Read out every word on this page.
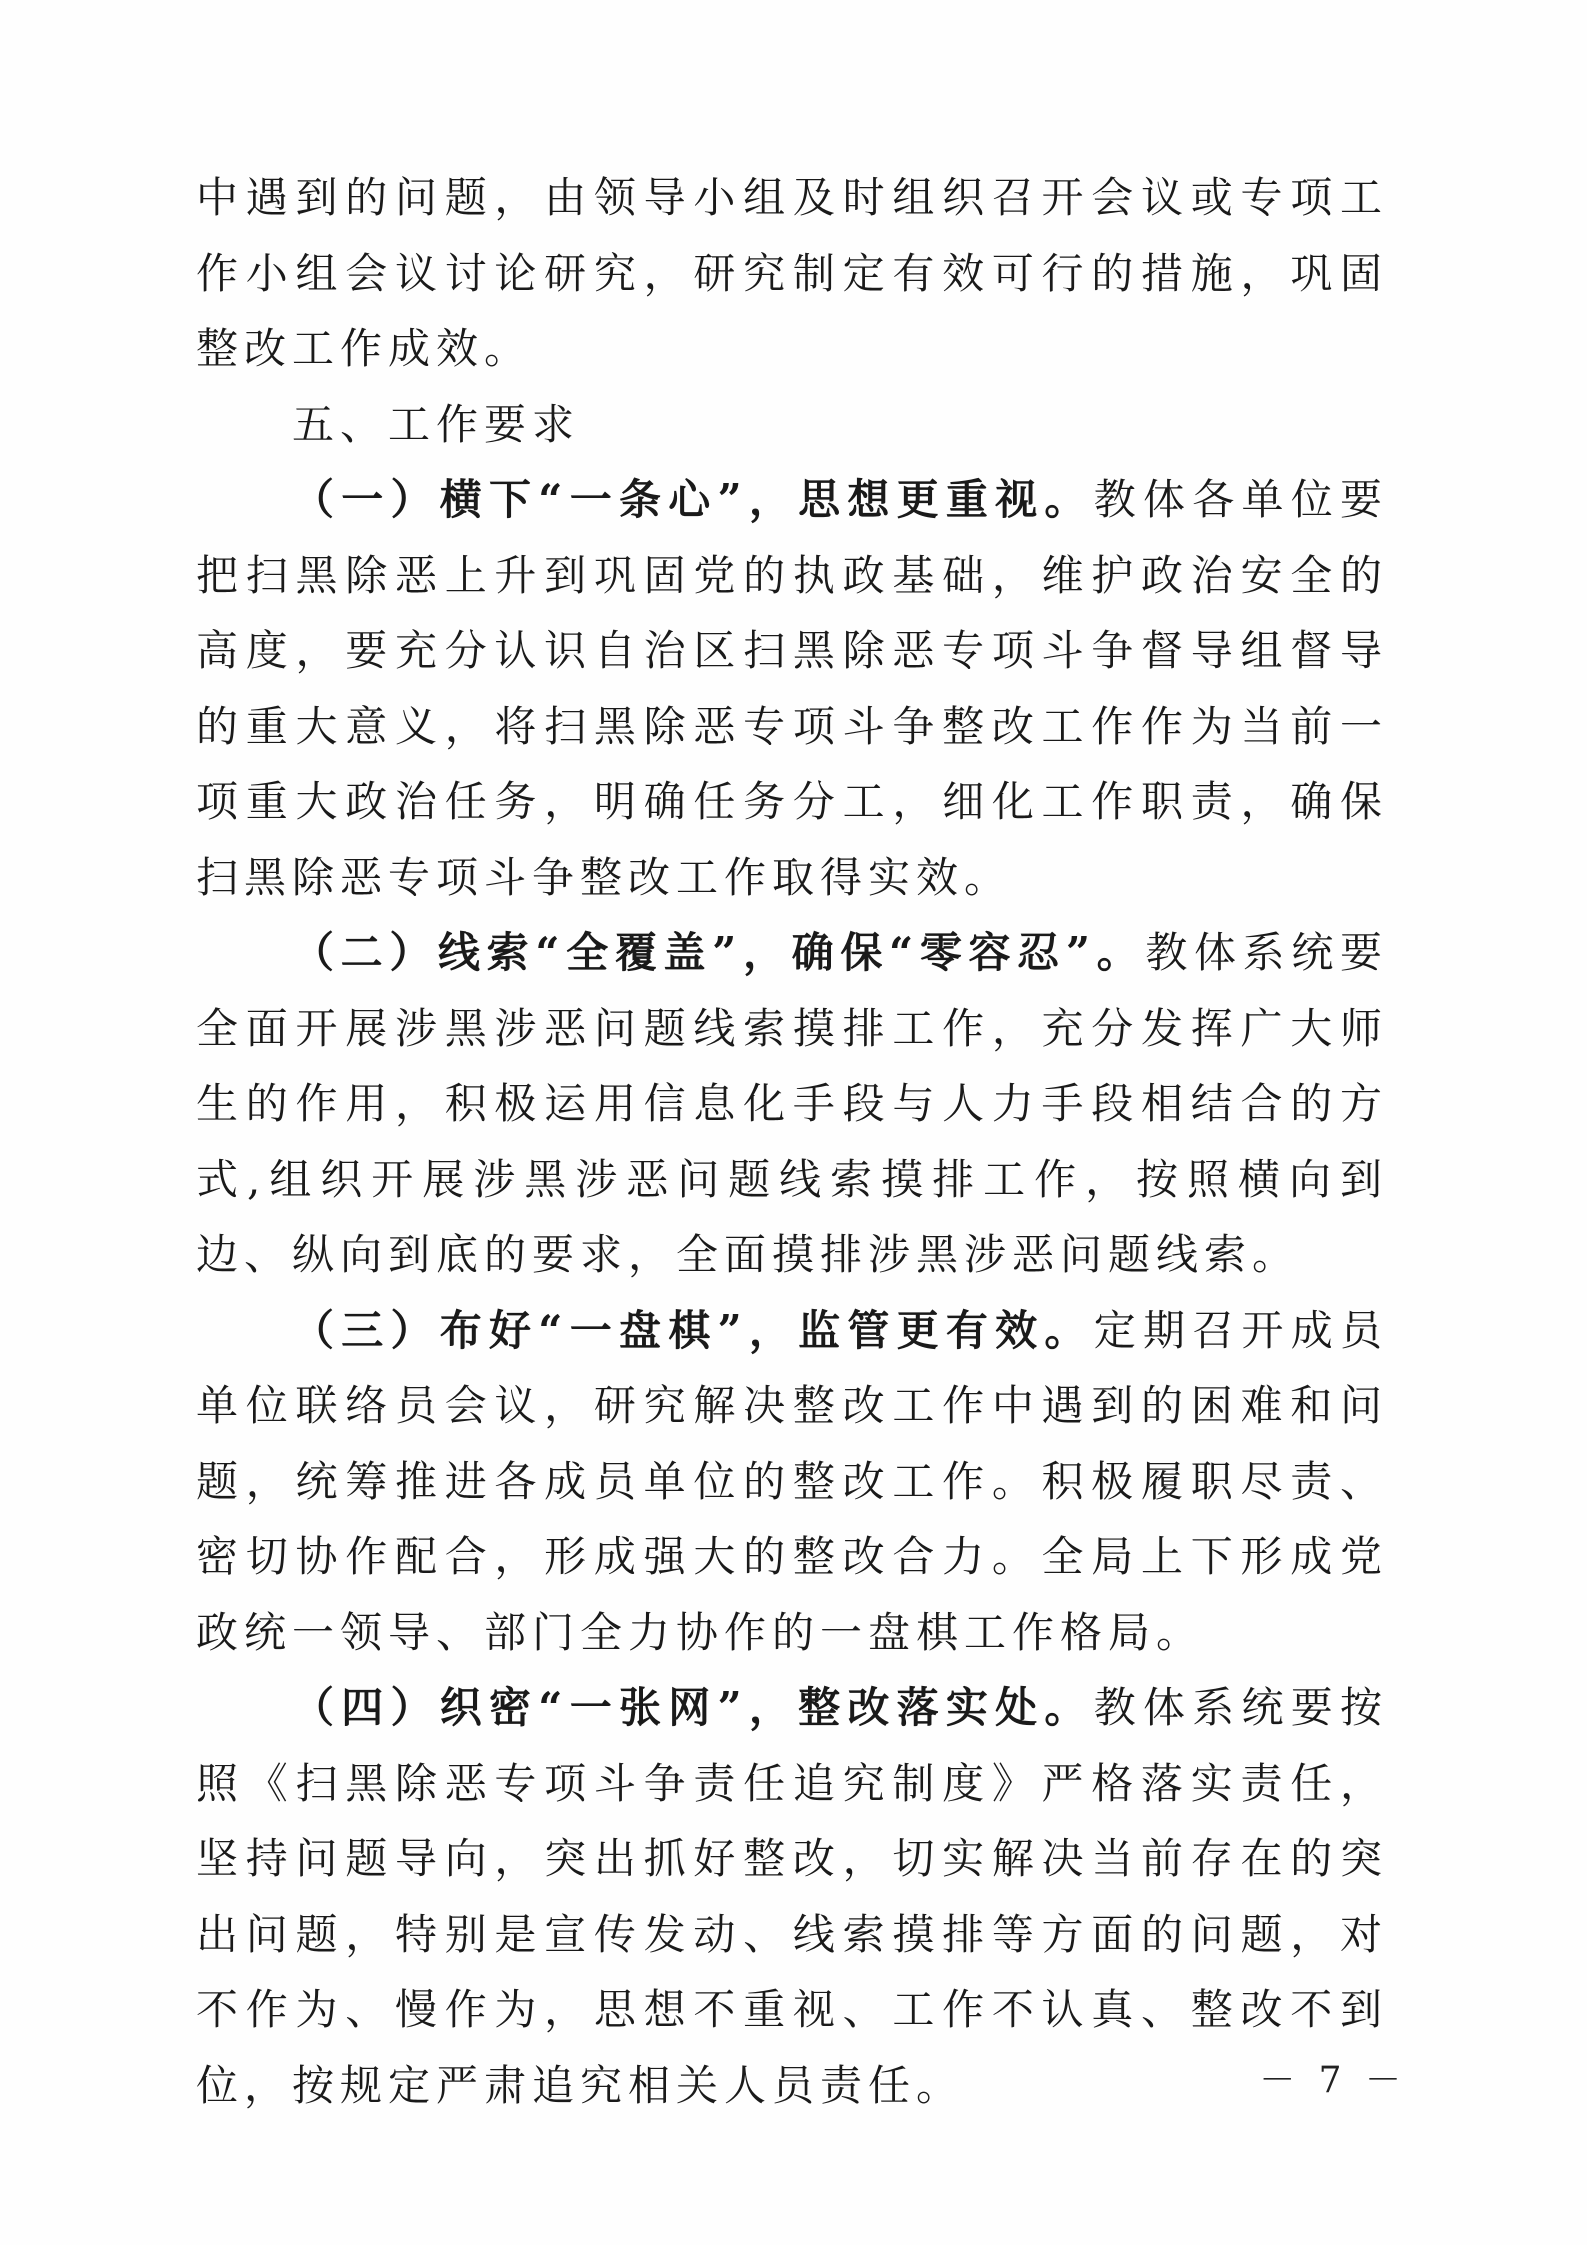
中遇到的问题，由领导小组及时组织召开会议或专项工作小组会议讨论研究，研究制定有效可行的措施，巩固整改工作成效。

五、工作要求

（一）横下“一条心”，思想更重视。教体各单位要把扫黑除恶上升到巩固党的执政基础，维护政治安全的高度，要充分认识自治区扫黑除恶专项斗争督导组督导的重大意义，将扫黑除恶专项斗争整改工作作为当前一项重大政治任务，明确任务分工，细化工作职责，确保扫黑除恶专项斗争整改工作取得实效。

（二）线索“全覆盖”，确保“零容忍”。教体系统要全面开展涉黑涉恶问题线索摸排工作，充分发挥广大师生的作用，积极运用信息化手段与人力手段相结合的方式,组织开展涉黑涉恶问题线索摸排工作，按照横向到边、纵向到底的要求，全面摸排涉黑涉恶问题线索。

（三）布好“一盘棋”，监管更有效。定期召开成员单位联络员会议，研究解决整改工作中遇到的困难和问题，统筹推进各成员单位的整改工作。积极履职尽责、密切协作配合，形成强大的整改合力。全局上下形成党政统一领导、部门全力协作的一盘棋工作格局。

（四）织密“一张网”，整改落实处。教体系统要按照《扫黑除恶专项斗争责任追究制度》严格落实责任，坚持问题导向，突出抓好整改，切实解决当前存在的突出问题，特别是宣传发动、线索摸排等方面的问题，对不作为、慢作为，思想不重视、工作不认真、整改不到位，按规定严肃追究相关人员责任。	－ 7 －
